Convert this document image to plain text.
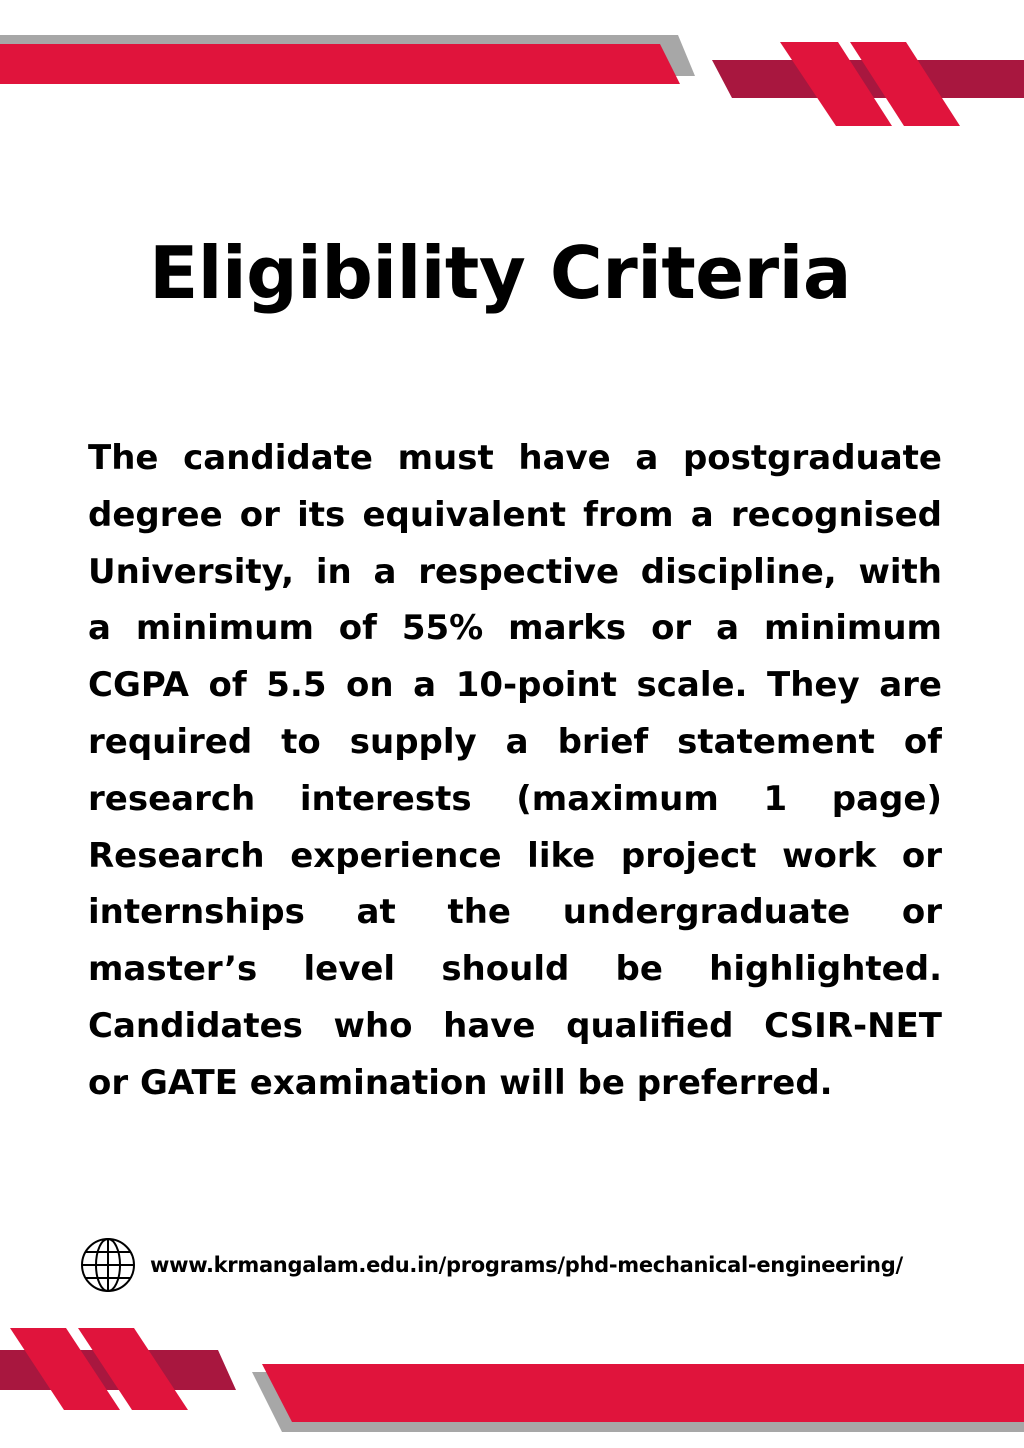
Eligibility Criteria
The candidate must have a postgraduate
degree or its equivalent from a recognised
University, in a respective discipline, with
a minimum of 55% marks or a minimum
CGPA of 5.5 on a 10-point scale. They are
required to supply a brief statement of
research interests (maximum 1 page)
Research experience like project work or
internships at the undergraduate or
master’s level should be highlighted.
Candidates who have qualified CSIR-NET
or GATE examination will be preferred.
www.krmangalam.edu.in/programs/phd-mechanical-engineering/
